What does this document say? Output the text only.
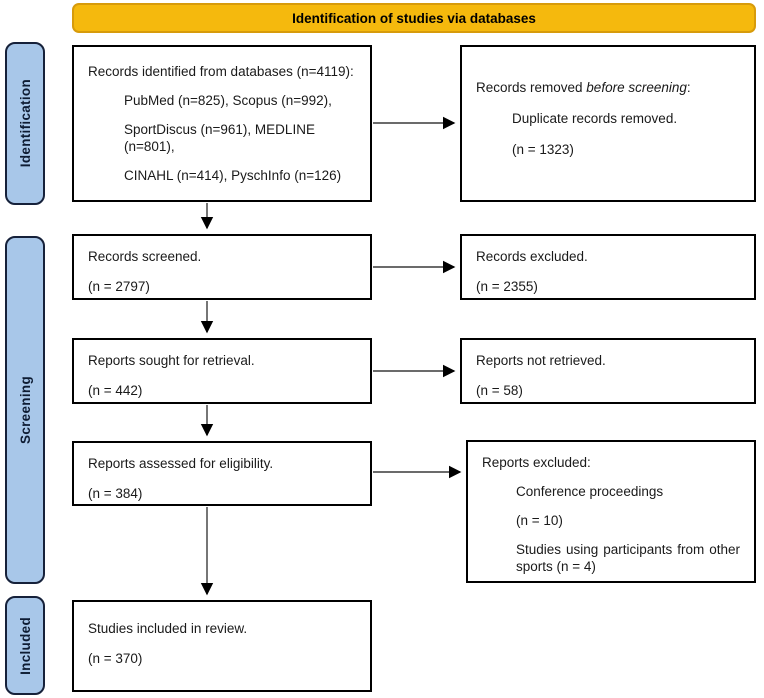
Identification of studies via databases
Identification
Screening
Included

Records identified from databases (n=4119):

PubMed (n=825), Scopus (n=992),

SportDiscus (n=961), MEDLINE (n=801),

CINAHL (n=414), PyschInfo (n=126)

Records removed before screening:

Duplicate records removed.

(n = 1323)

Records screened.

(n = 2797)

Records excluded.

(n = 2355)

Reports sought for retrieval.

(n = 442)

Reports not retrieved.

(n = 58)

Reports assessed for eligibility.

(n = 384)

Reports excluded:

Conference proceedings

(n = 10)

Studies using participants from other sports (n = 4)

Studies included in review.

(n = 370)
